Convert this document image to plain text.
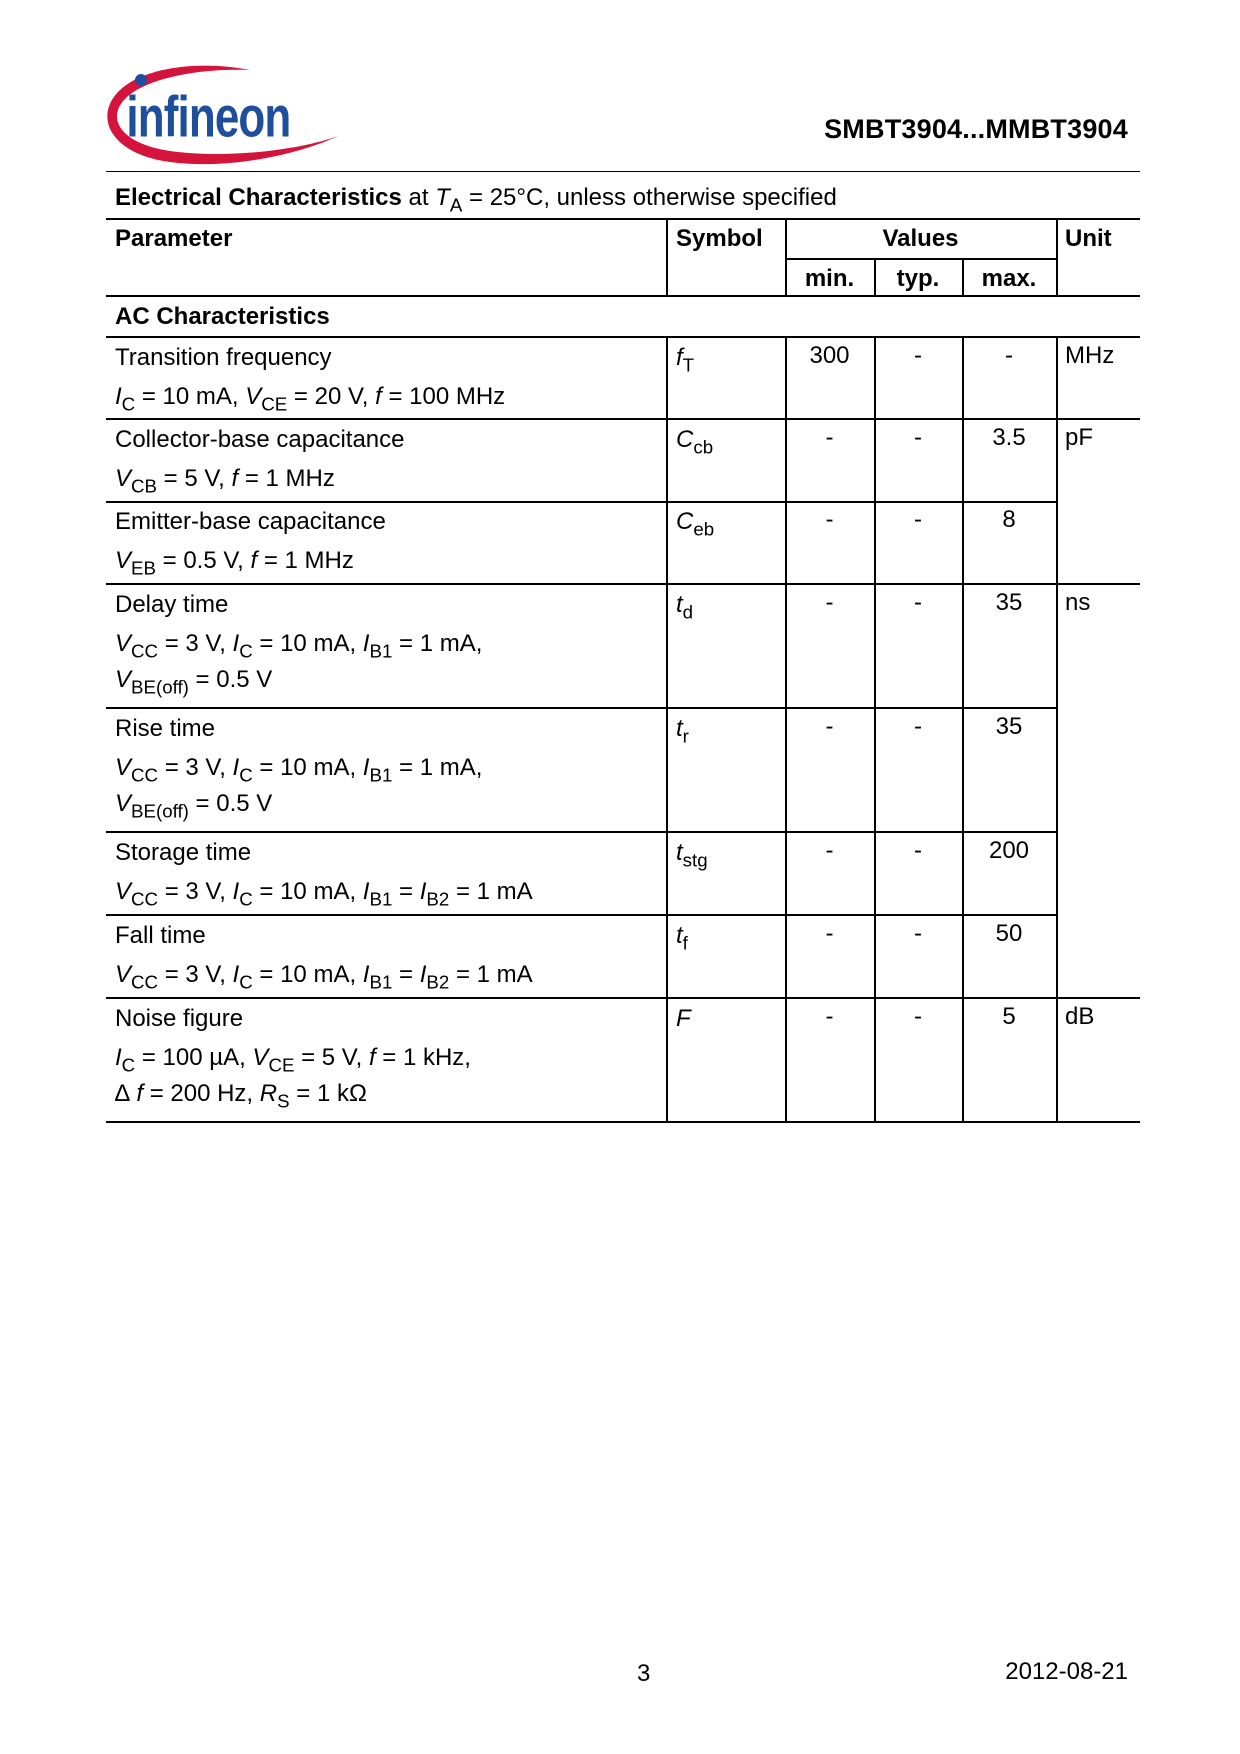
infineon	SMBT3904...MMBT3904
Electrical Characteristics at $T_A = 25^\circ C$, unless otherwise specified
Parameter	Symbol	Values	Unit
min.	typ.	max.
AC Characteristics
Transition frequency
$I_C = 10$ mA, $V_{CE} = 20$ V, f = 100 MHz
$f_T$	300	-	-	MHz
Collector-base capacitance
$V_{CB} = 5$ V, f = 1 MHz
$C_{cb}$	-	-	3.5	pF
Emitter-base capacitance
$V_{EB} = 0.5$ V, f = 1 MHz
$C_{eb}$	-	-	8
Delay time
$V_{CC} = 3$ V, $I_C = 10$ mA, $I_{B1} = 1$ mA,
$V_{BE(off)} = 0.5$ V
$t_d$	-	-	35	ns
Rise time
$V_{CC} = 3$ V, $I_C = 10$ mA, $I_{B1} = 1$ mA,
$V_{BE(off)} = 0.5$ V
$t_r$	-	-	35
Storage time
$V_{CC} = 3$ V, $I_C = 10$ mA, $I_{B1} = I_{B2} = 1$ mA
$t_{stg}$	-	-	200
Fall time
$V_{CC} = 3$ V, $I_C = 10$ mA, $I_{B1} = I_{B2} = 1$ mA
$t_f$	-	-	50
Noise figure
$I_C = 100$ µA, $V_{CE} = 5$ V, f = 1 kHz,
∆ f = 200 Hz, $R_S = 1$ kΩ
F	-	-	5	dB
3	2012-08-21
